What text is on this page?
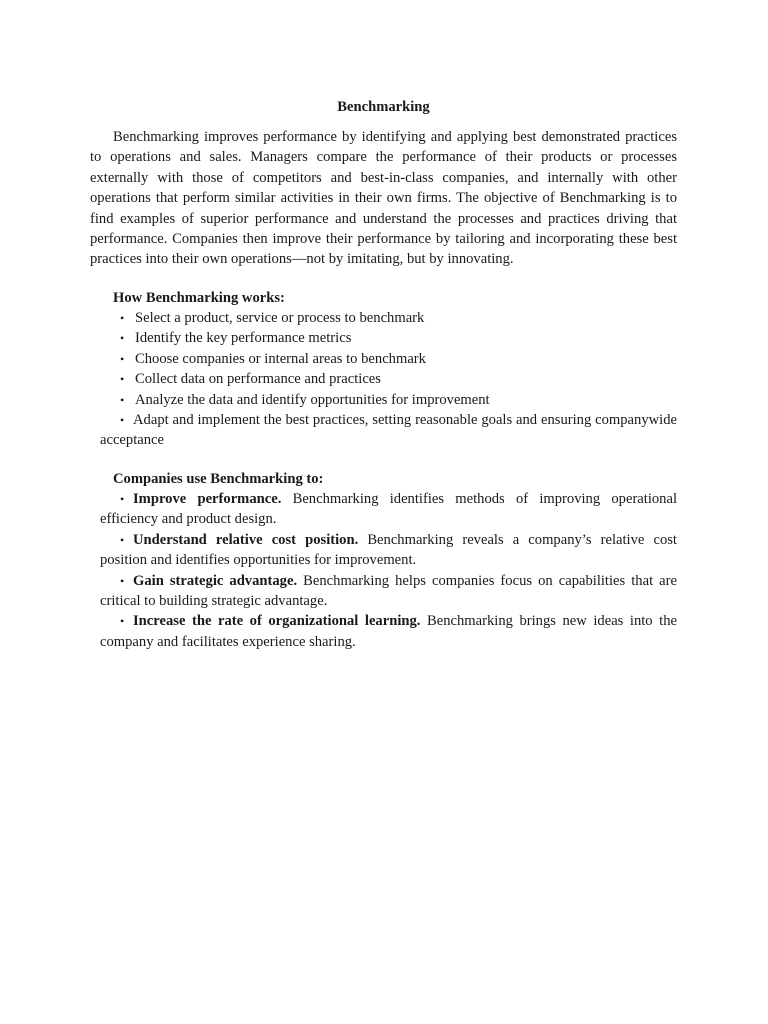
Benchmarking

Benchmarking improves performance by identifying and applying best demonstrated practices to operations and sales. Managers compare the performance of their products or processes externally with those of competitors and best-in-class companies, and internally with other operations that perform similar activities in their own firms. The objective of Benchmarking is to find examples of superior performance and understand the processes and practices driving that performance. Companies then improve their performance by tailoring and incorporating these best practices into their own operations—not by imitating, but by innovating.

How Benchmarking works:

• Select a product, service or process to benchmark
• Identify the key performance metrics
• Choose companies or internal areas to benchmark
• Collect data on performance and practices
• Analyze the data and identify opportunities for improvement
• Adapt and implement the best practices, setting reasonable goals and ensuring companywide acceptance

Companies use Benchmarking to:

• Improve performance. Benchmarking identifies methods of improving operational efficiency and product design.
• Understand relative cost position. Benchmarking reveals a company’s relative cost position and identifies opportunities for improvement.
• Gain strategic advantage. Benchmarking helps companies focus on capabilities that are critical to building strategic advantage.
• Increase the rate of organizational learning. Benchmarking brings new ideas into the company and facilitates experience sharing.
